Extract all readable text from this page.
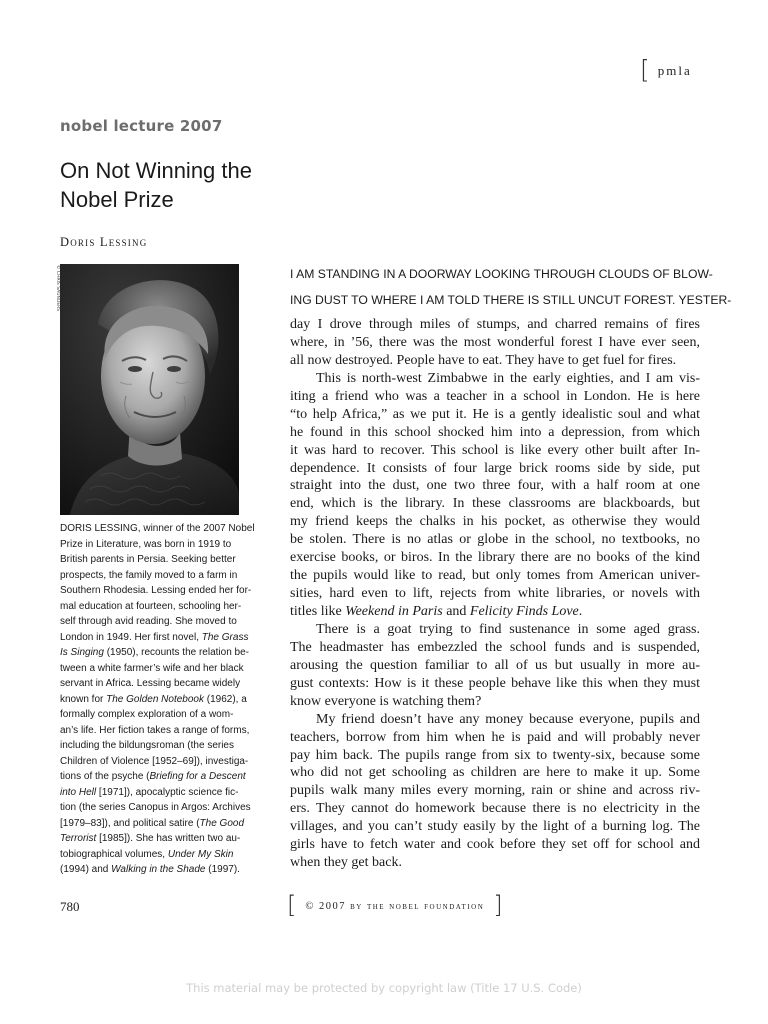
[ pmla
nobel lecture 2007
On Not Winning the Nobel Prize
Doris Lessing
© CHRIS SAUNDERS
DORIS LESSING, winner of the 2007 Nobel
Prize in Literature, was born in 1919 to
British parents in Persia. Seeking better
prospects, the family moved to a farm in
Southern Rhodesia. Lessing ended her for-
mal education at fourteen, schooling her-
self through avid reading. She moved to
London in 1949. Her first novel, The Grass
Is Singing (1950), recounts the relation be-
tween a white farmer’s wife and her black
servant in Africa. Lessing became widely
known for The Golden Notebook (1962), a
formally complex exploration of a wom-
an’s life. Her fiction takes a range of forms,
including the bildungsroman (the series
Children of Violence [1952–69]), investiga-
tions of the psyche (Briefing for a Descent
into Hell [1971]), apocalyptic science fic-
tion (the series Canopus in Argos: Archives
[1979–83]), and political satire (The Good
Terrorist [1985]). She has written two au-
tobiographical volumes, Under My Skin
(1994) and Walking in the Shade (1997).
I AM STANDING IN A DOORWAY LOOKING THROUGH CLOUDS OF BLOW-
ING DUST TO WHERE I AM TOLD THERE IS STILL UNCUT FOREST. YESTER-
day I drove through miles of stumps, and charred remains of fires
where, in ’56, there was the most wonderful forest I have ever seen,
all now destroyed. People have to eat. They have to get fuel for fires.
This is north-west Zimbabwe in the early eighties, and I am vis-
iting a friend who was a teacher in a school in London. He is here
“to help Africa,” as we put it. He is a gently idealistic soul and what
he found in this school shocked him into a depression, from which
it was hard to recover. This school is like every other built after In-
dependence. It consists of four large brick rooms side by side, put
straight into the dust, one two three four, with a half room at one
end, which is the library. In these classrooms are blackboards, but
my friend keeps the chalks in his pocket, as otherwise they would
be stolen. There is no atlas or globe in the school, no textbooks, no
exercise books, or biros. In the library there are no books of the kind
the pupils would like to read, but only tomes from American univer-
sities, hard even to lift, rejects from white libraries, or novels with
titles like Weekend in Paris and Felicity Finds Love.
There is a goat trying to find sustenance in some aged grass.
The headmaster has embezzled the school funds and is suspended,
arousing the question familiar to all of us but usually in more au-
gust contexts: How is it these people behave like this when they must
know everyone is watching them?
My friend doesn’t have any money because everyone, pupils and
teachers, borrow from him when he is paid and will probably never
pay him back. The pupils range from six to twenty-six, because some
who did not get schooling as children are here to make it up. Some
pupils walk many miles every morning, rain or shine and across riv-
ers. They cannot do homework because there is no electricity in the
villages, and you can’t study easily by the light of a burning log. The
girls have to fetch water and cook before they set off for school and
when they get back.
780	[ © 2007 by the nobel foundation ]
This material may be protected by copyright law (Title 17 U.S. Code)
